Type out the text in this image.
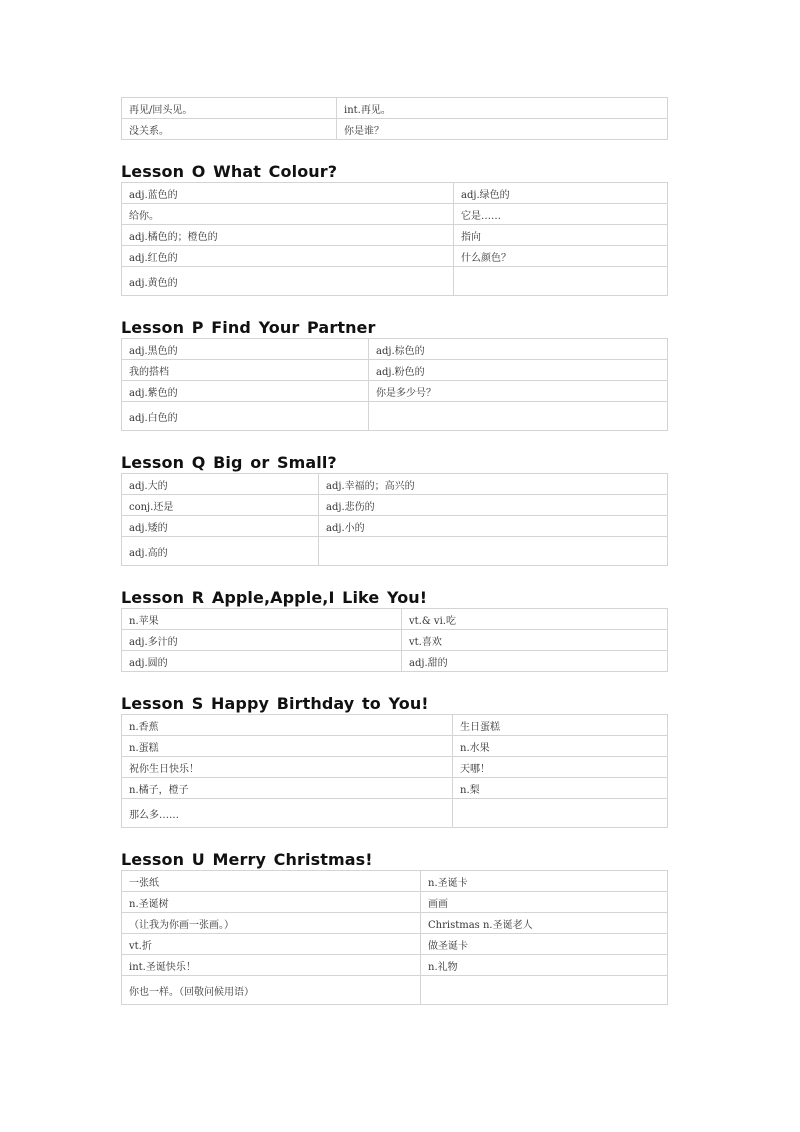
再见/回头见。	int.再见。
没关系。	你是谁？
Lesson O What Colour?
adj.蓝色的	adj.绿色的
给你。	它是……
adj.橘色的；橙色的	指向
adj.红色的	什么颜色？
adj.黄色的	
Lesson P Find Your Partner
adj.黑色的	adj.棕色的
我的搭档	adj.粉色的
adj.紫色的	你是多少号？
adj.白色的	
Lesson Q Big or Small?
adj.大的	adj.幸福的；高兴的
conj.还是	adj.悲伤的
adj.矮的	adj.小的
adj.高的	
Lesson R Apple,Apple,I Like You!
n.苹果	vt.& vi.吃
adj.多汁的	vt.喜欢
adj.圆的	adj.甜的
Lesson S Happy Birthday to You!
n.香蕉	生日蛋糕
n.蛋糕	n.水果
祝你生日快乐！	天哪！
n.橘子，橙子	n.梨
那么多……	
Lesson U Merry Christmas!
一张纸	n.圣诞卡
n.圣诞树	画画
（让我为你画一张画。）	Christmas n.圣诞老人
vt.折	做圣诞卡
int.圣诞快乐！	n.礼物
你也一样。（回敬问候用语）	
